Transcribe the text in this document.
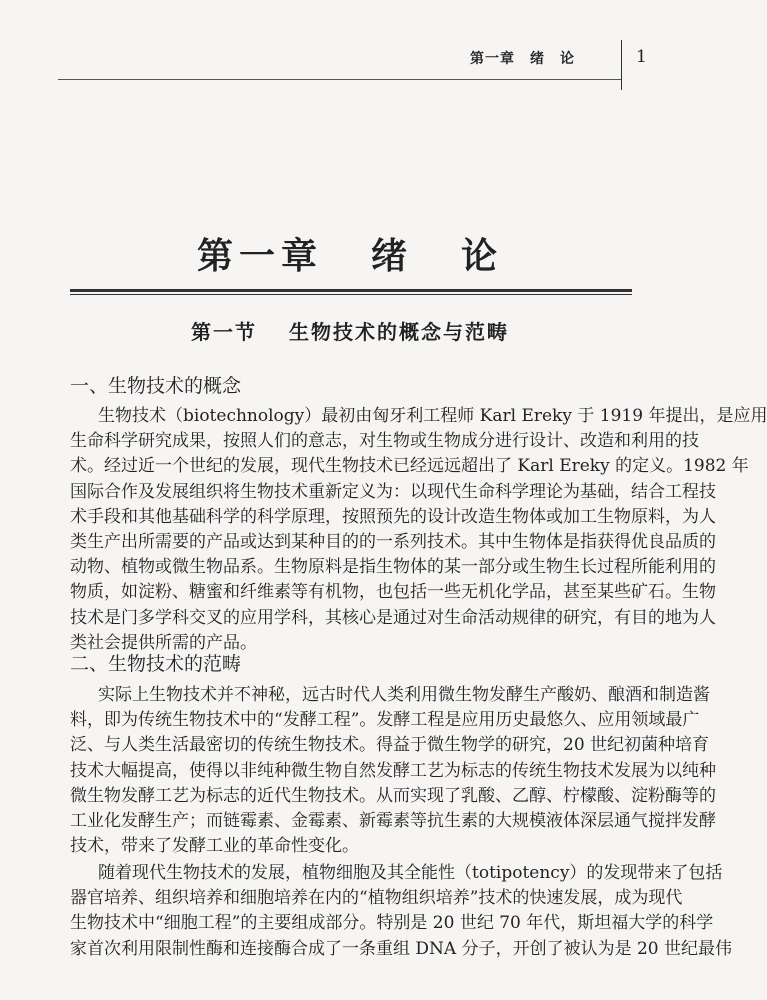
第一章　绪　论	1
第一章 绪 论
第一节 生物技术的概念与范畴
一、生物技术的概念
生物技术（biotechnology）最初由匈牙利工程师 Karl Ereky 于 1919 年提出，是应用
生命科学研究成果，按照人们的意志，对生物或生物成分进行设计、改造和利用的技
术。经过近一个世纪的发展，现代生物技术已经远远超出了 Karl Ereky 的定义。1982 年
国际合作及发展组织将生物技术重新定义为：以现代生命科学理论为基础，结合工程技
术手段和其他基础科学的科学原理，按照预先的设计改造生物体或加工生物原料，为人
类生产出所需要的产品或达到某种目的的一系列技术。其中生物体是指获得优良品质的
动物、植物或微生物品系。生物原料是指生物体的某一部分或生物生长过程所能利用的
物质，如淀粉、糖蜜和纤维素等有机物，也包括一些无机化学品，甚至某些矿石。生物
技术是门多学科交叉的应用学科，其核心是通过对生命活动规律的研究，有目的地为人
类社会提供所需的产品。
二、生物技术的范畴
实际上生物技术并不神秘，远古时代人类利用微生物发酵生产酸奶、酿酒和制造酱
料，即为传统生物技术中的“发酵工程”。发酵工程是应用历史最悠久、应用领域最广
泛、与人类生活最密切的传统生物技术。得益于微生物学的研究，20 世纪初菌种培育
技术大幅提高，使得以非纯种微生物自然发酵工艺为标志的传统生物技术发展为以纯种
微生物发酵工艺为标志的近代生物技术。从而实现了乳酸、乙醇、柠檬酸、淀粉酶等的
工业化发酵生产；而链霉素、金霉素、新霉素等抗生素的大规模液体深层通气搅拌发酵
技术，带来了发酵工业的革命性变化。
随着现代生物技术的发展，植物细胞及其全能性（totipotency）的发现带来了包括
器官培养、组织培养和细胞培养在内的“植物组织培养”技术的快速发展，成为现代
生物技术中“细胞工程”的主要组成部分。特别是 20 世纪 70 年代，斯坦福大学的科学
家首次利用限制性酶和连接酶合成了一条重组 DNA 分子，开创了被认为是 20 世纪最伟
